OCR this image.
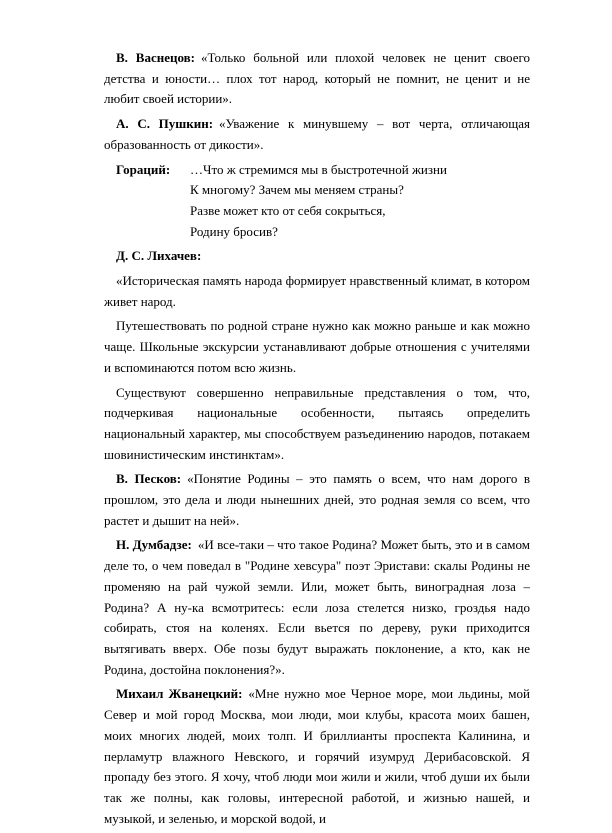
В. Васнецов: «Только больной или плохой человек не ценит своего детства и юности… плох тот народ, который не помнит, не ценит и не любит своей истории».

А. С. Пушкин: «Уважение к минувшему – вот черта, отличающая образованность от дикости».

Гораций:	…Что ж стремимся мы в быстротечной жизни
К многому? Зачем мы меняем страны?
Разве может кто от себя сокрыться,
Родину бросив?
Д. С. Лихачев:

«Историческая память народа формирует нравственный климат, в котором живет народ.

Путешествовать по родной стране нужно как можно раньше и как можно чаще. Школьные экскурсии устанавливают добрые отношения с учителями и вспоминаются потом всю жизнь.

Существуют совершенно неправильные представления о том, что, подчеркивая национальные особенности, пытаясь определить национальный характер, мы способствуем разъединению народов, потакаем шовинистическим инстинктам».

В. Песков: «Понятие Родины – это память о всем, что нам дорого в прошлом, это дела и люди нынешних дней, это родная земля со всем, что растет и дышит на ней».

Н. Думбадзе: «И все-таки – что такое Родина? Может быть, это и в самом деле то, о чем поведал в "Родине хевсура" поэт Эристави: скалы Родины не променяю на рай чужой земли. Или, может быть, виноградная лоза – Родина? А ну-ка всмотритесь: если лоза стелется низко, гроздья надо собирать, стоя на коленях. Если вьется по дереву, руки приходится вытягивать вверх. Обе позы будут выражать поклонение, а кто, как не Родина, достойна поклонения?».

Михаил Жванецкий: «Мне нужно мое Черное море, мои льдины, мой Север и мой город Москва, мои люди, мои клубы, красота моих башен, моих многих людей, моих толп. И бриллианты проспекта Калинина, и перламутр влажного Невского, и горячий изумруд Дерибасовской. Я пропаду без этого. Я хочу, чтоб люди мои жили и жили, чтоб души их были так же полны, как головы, интересной работой, и жизнью нашей, и музыкой, и зеленью, и морской водой, и
